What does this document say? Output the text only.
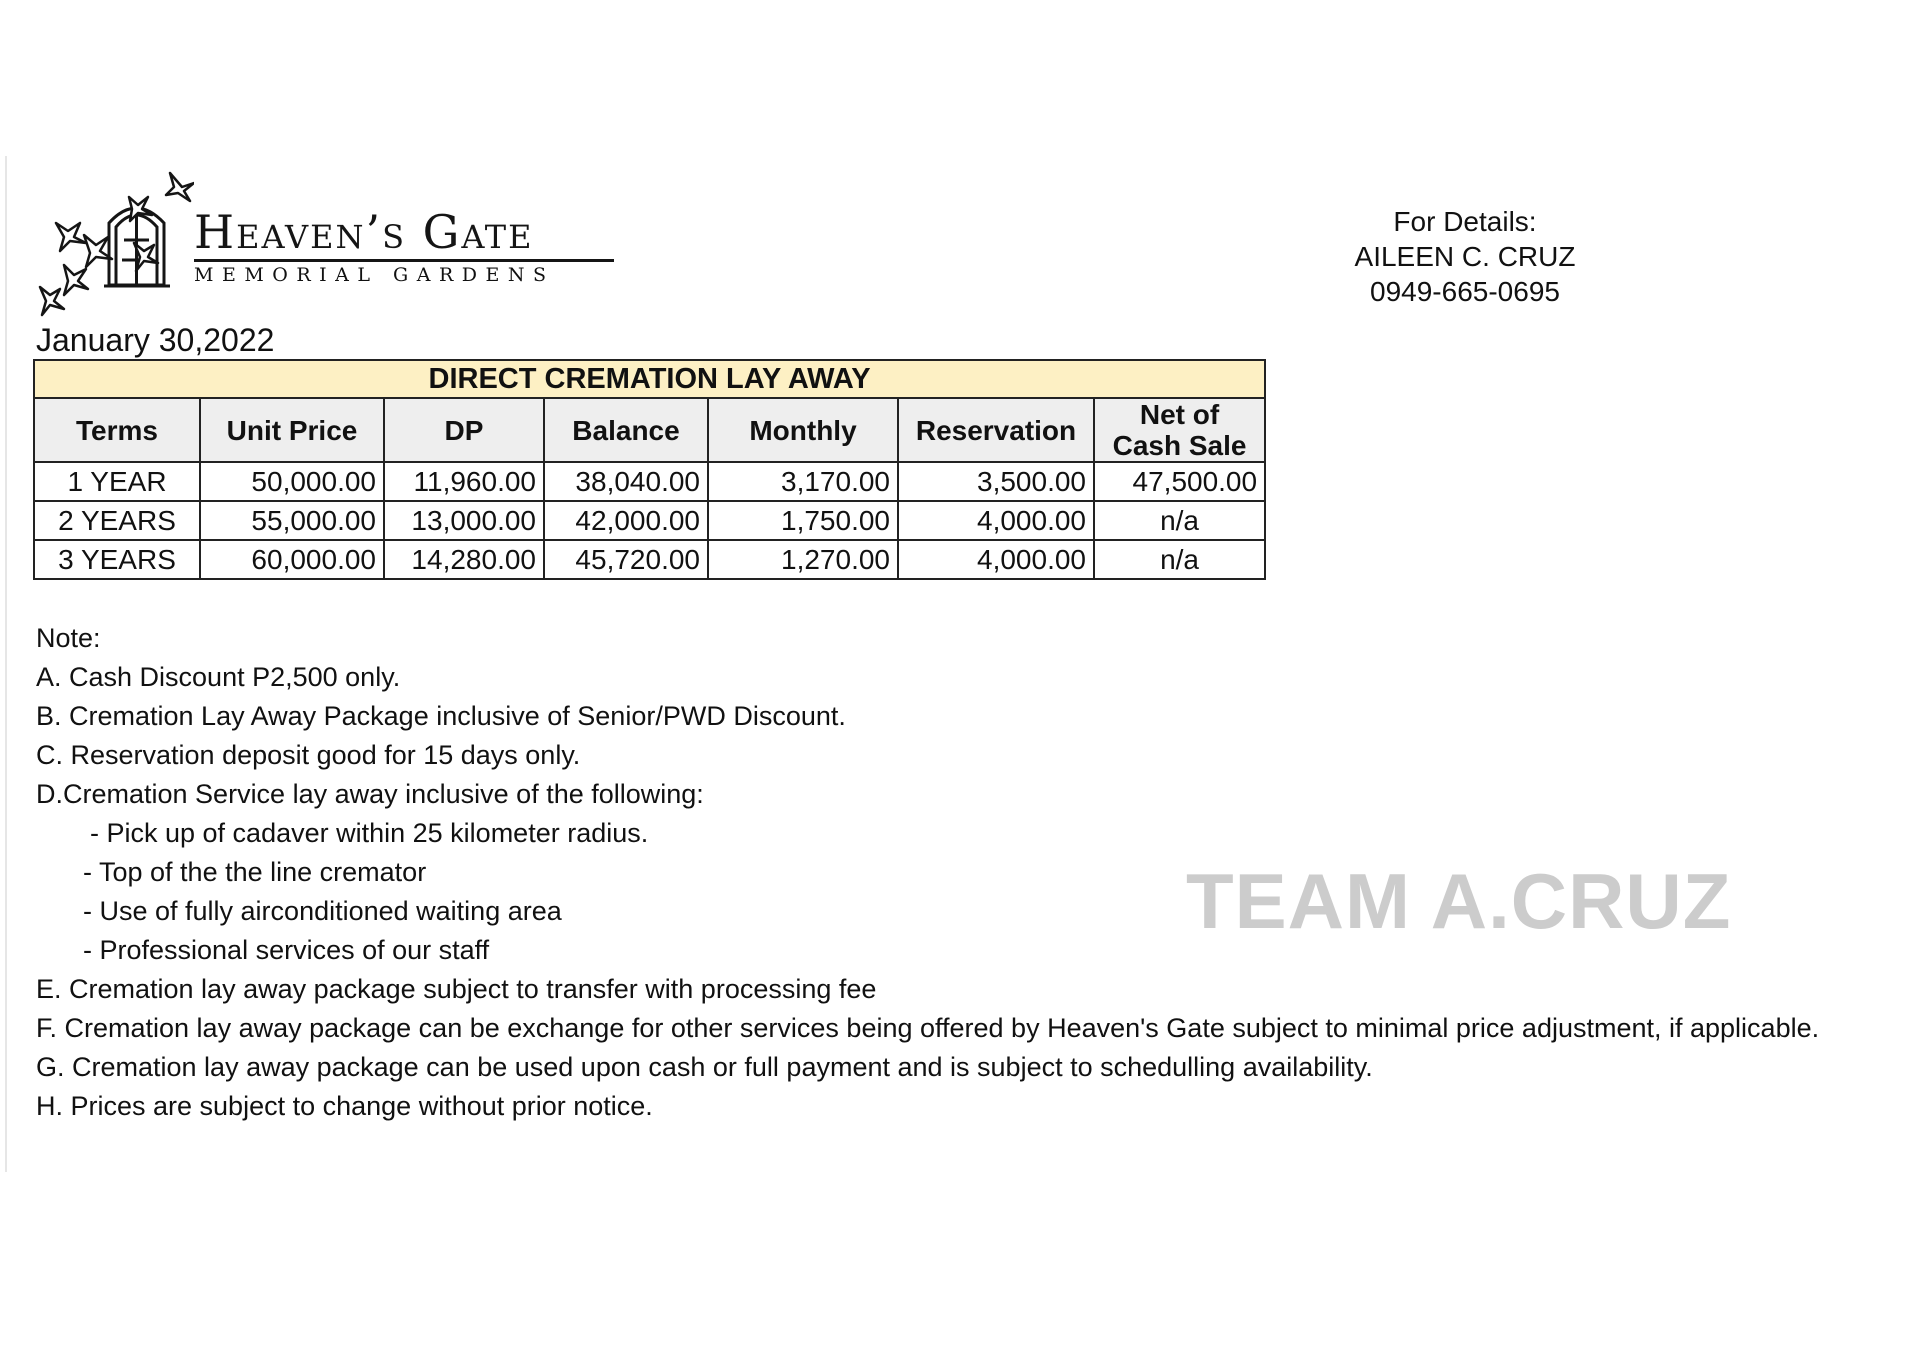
Heaven’s Gate
MEMORIAL GARDENS
For Details:
AILEEN C. CRUZ
0949-665-0695
January 30,2022
DIRECT CREMATION LAY AWAY						
Terms	Unit Price	DP	Balance	Monthly	Reservation	Net of Cash Sale
1 YEAR	50,000.00	11,960.00	38,040.00	3,170.00	3,500.00	47,500.00
2 YEARS	55,000.00	13,000.00	42,000.00	1,750.00	4,000.00	n/a
3 YEARS	60,000.00	14,280.00	45,720.00	1,270.00	4,000.00	n/a
Note:
A. Cash Discount P2,500 only.
B. Cremation Lay Away Package inclusive of Senior/PWD Discount.
C. Reservation deposit good for 15 days only.
D.Cremation Service lay away inclusive of the following:
- Pick up of cadaver within 25 kilometer radius.
- Top of the the line cremator
- Use of fully airconditioned waiting area
- Professional services of our staff
E. Cremation lay away package subject to transfer with processing fee
F. Cremation lay away package can be exchange for other services being offered by Heaven's Gate subject to minimal price adjustment, if applicable.
G. Cremation lay away package can be used upon cash or full payment and is subject to schedulling availability.
H. Prices are subject to change without prior notice.
TEAM A.CRUZ
